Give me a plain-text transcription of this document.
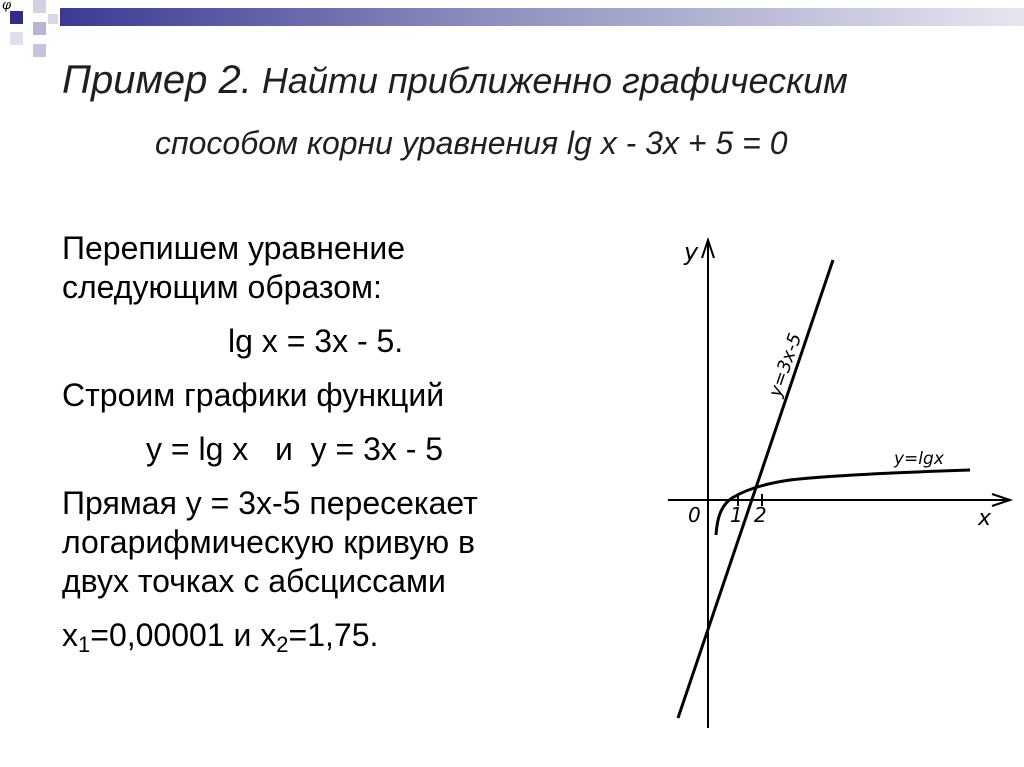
φ
Пример 2. Найти приближенно графическим
способом корни уравнения lg x - 3x + 5 = 0

Перепишем уравнение

следующим образом:

lg x = 3x - 5.

Строим графики функций

y = lg x   и  y = 3x - 5

Прямая y = 3x-5 пересекает

логарифмическую кривую в

двух точках с абсциссами

$x_1=0,00001$ и $x_2=1,75$.

y
x
0 1 2
y=3x-5
y=lgx
